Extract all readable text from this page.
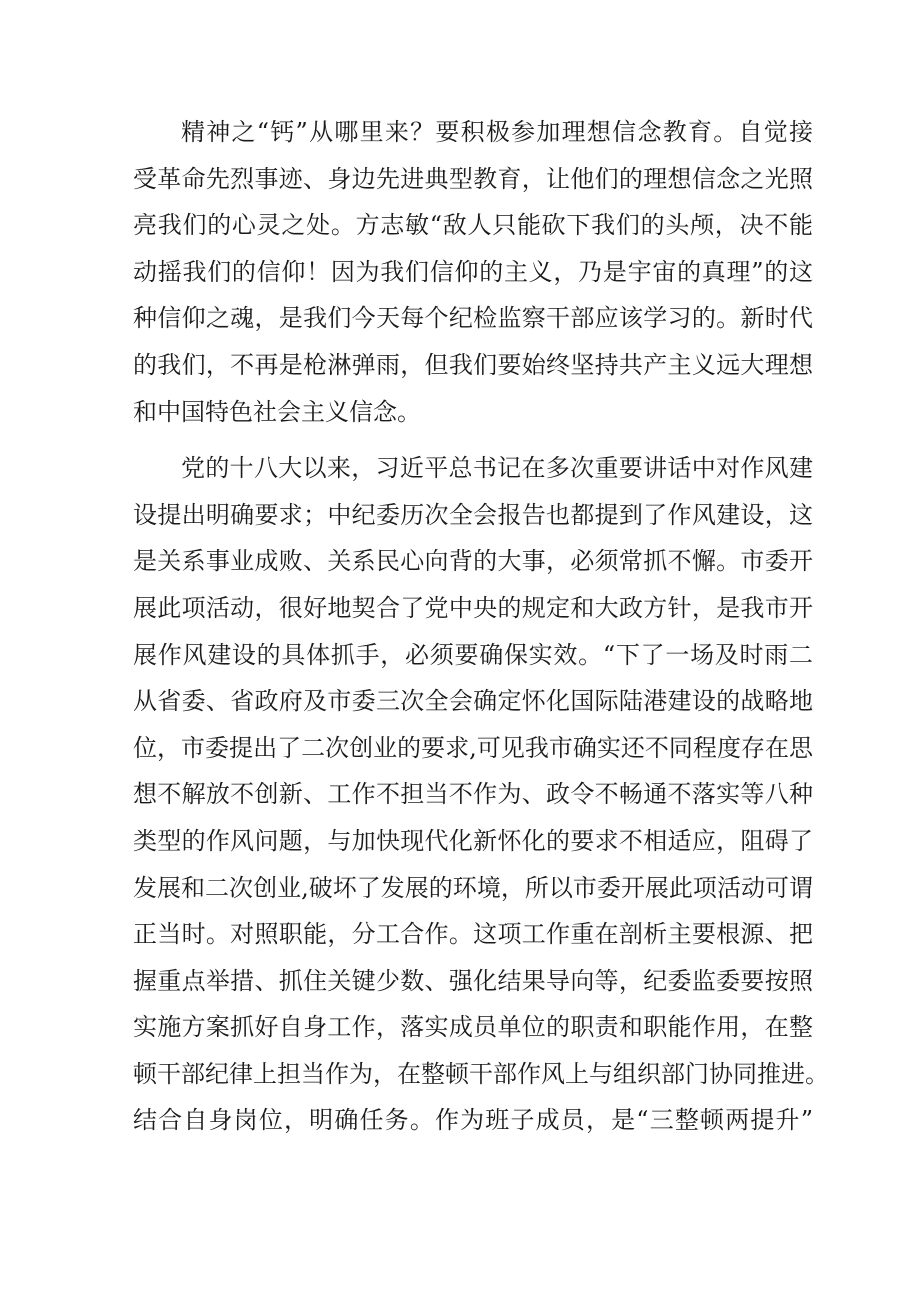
精神之“钙”从哪里来？要积极参加理想信念教育。自觉接
受革命先烈事迹、身边先进典型教育，让他们的理想信念之光照
亮我们的心灵之处。方志敏“敌人只能砍下我们的头颅，决不能
动摇我们的信仰！因为我们信仰的主义，乃是宇宙的真理”的这
种信仰之魂，是我们今天每个纪检监察干部应该学习的。新时代
的我们，不再是枪淋弹雨，但我们要始终坚持共产主义远大理想
和中国特色社会主义信念。
党的十八大以来，习近平总书记在多次重要讲话中对作风建
设提出明确要求；中纪委历次全会报告也都提到了作风建设，这
是关系事业成败、关系民心向背的大事，必须常抓不懈。市委开
展此项活动，很好地契合了党中央的规定和大政方针，是我市开
展作风建设的具体抓手，必须要确保实效。“下了一场及时雨二
从省委、省政府及市委三次全会确定怀化国际陆港建设的战略地
位，市委提出了二次创业的要求,可见我市确实还不同程度存在思
想不解放不创新、工作不担当不作为、政令不畅通不落实等八种
类型的作风问题，与加快现代化新怀化的要求不相适应，阻碍了
发展和二次创业,破坏了发展的环境，所以市委开展此项活动可谓
正当时。对照职能，分工合作。这项工作重在剖析主要根源、把
握重点举措、抓住关键少数、强化结果导向等，纪委监委要按照
实施方案抓好自身工作，落实成员单位的职责和职能作用，在整
顿干部纪律上担当作为，在整顿干部作风上与组织部门协同推进。
结合自身岗位，明确任务。作为班子成员，是“三整顿两提升”
